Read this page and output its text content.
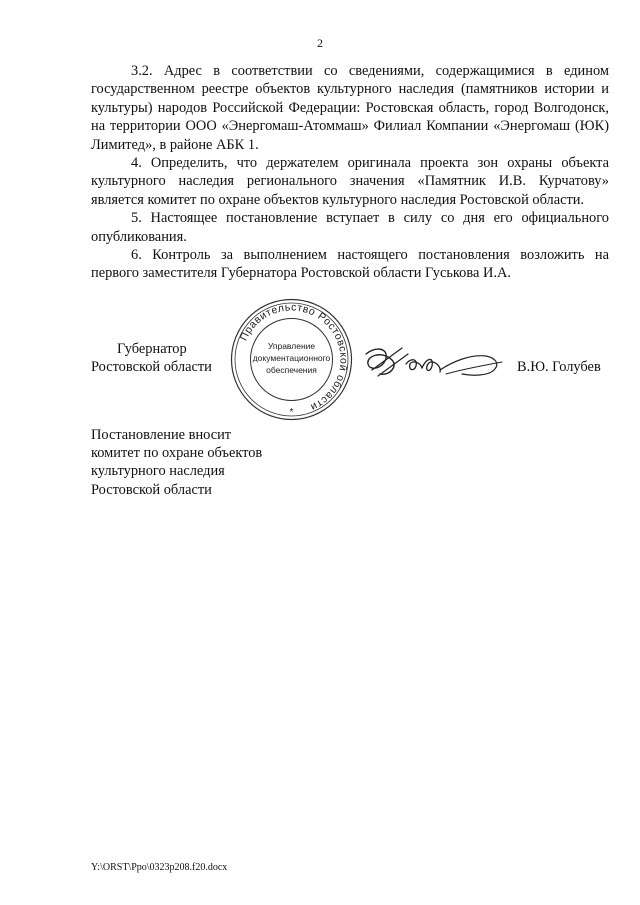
2

3.2. Адрес в соответствии со сведениями, содержащимися в едином государственном реестре объектов культурного наследия (памятников истории и культуры) народов Российской Федерации: Ростовская область, город Волгодонск, на территории ООО «Энергомаш-Атоммаш» Филиал Компании «Энергомаш (ЮК) Лимитед», в районе АБК 1.

4. Определить, что держателем оригинала проекта зон охраны объекта культурного наследия регионального значения «Памятник И.В. Курчатову» является комитет по охране объектов культурного наследия Ростовской области.

5. Настоящее постановление вступает в силу со дня его официального опубликования.

6. Контроль за выполнением настоящего постановления возложить на первого заместителя Губернатора Ростовской области Гуськова И.А.

Губернатор
Ростовской области
Правительство Ростовской области
Управление
документационного
обеспечения
*
В.Ю. Голубев
Постановление вносит
комитет по охране объектов
культурного наследия
Ростовской области
Y:\ORST\Ppo\0323p208.f20.docx
